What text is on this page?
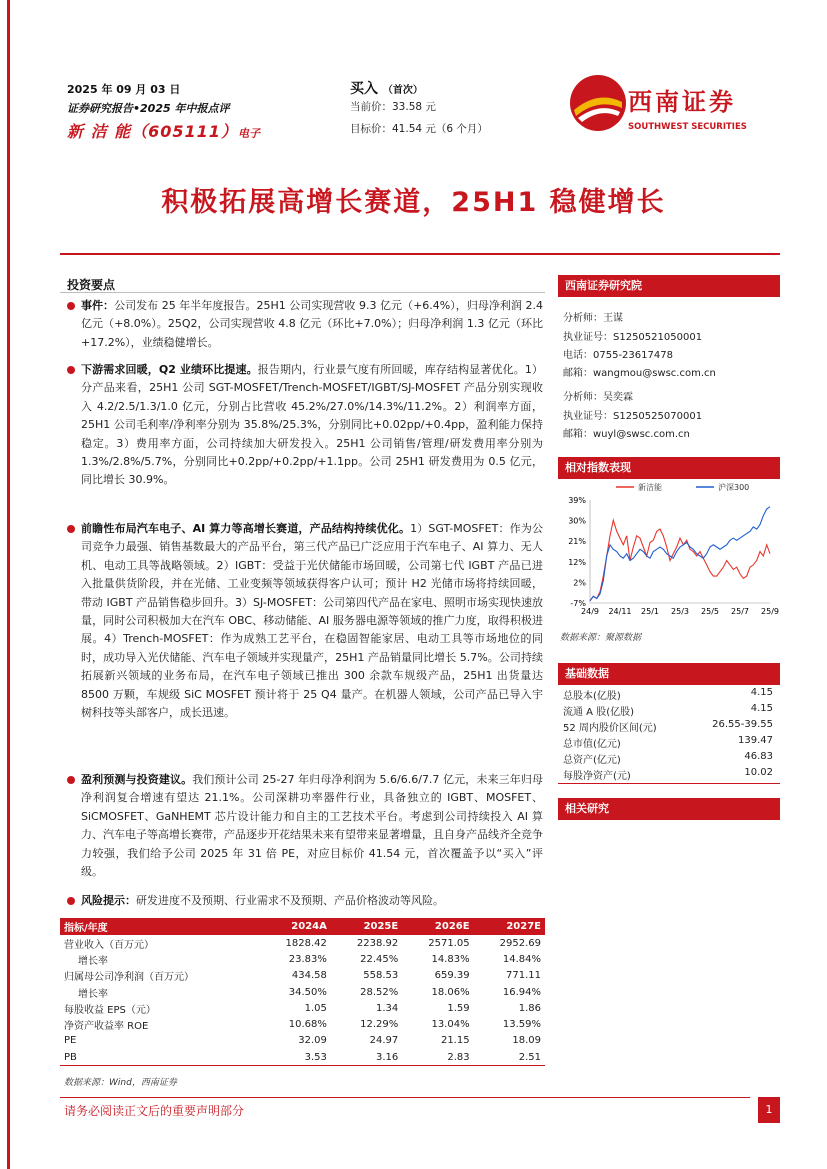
2025 年 09 月 03 日
证券研究报告•2025 年中报点评
新 洁 能（605111）电子
买入 （首次）
当前价：33.58 元
目标价：41.54 元（6 个月）
西南证券
SOUTHWEST SECURITIES
积极拓展高增长赛道，25H1 稳健增长
投资要点
事件：公司发布 25 年半年度报告。25H1 公司实现营收 9.3 亿元（+6.4%），归母净利润 2.4 亿元（+8.0%）。25Q2，公司实现营收 4.8 亿元（环比+7.0%）；归母净利润 1.3 亿元（环比+17.2%），业绩稳健增长。
下游需求回暖，Q2 业绩环比提速。报告期内，行业景气度有所回暖，库存结构显著优化。1）分产品来看，25H1 公司 SGT-MOSFET/Trench-MOSFET/IGBT/SJ-MOSFET 产品分别实现收入 4.2/2.5/1.3/1.0 亿元，分别占比营收 45.2%/27.0%/14.3%/11.2%。2）利润率方面，25H1 公司毛利率/净利率分别为 35.8%/25.3%，分别同比+0.02pp/+0.4pp，盈利能力保持稳定。3）费用率方面，公司持续加大研发投入。25H1 公司销售/管理/研发费用率分别为 1.3%/2.8%/5.7%，分别同比+0.2pp/+0.2pp/+1.1pp。公司 25H1 研发费用为 0.5 亿元，同比增长 30.9%。
前瞻性布局汽车电子、AI 算力等高增长赛道，产品结构持续优化。1）SGT-MOSFET：作为公司竞争力最强、销售基数最大的产品平台，第三代产品已广泛应用于汽车电子、AI 算力、无人机、电动工具等战略领域。2）IGBT：受益于光伏储能市场回暖，公司第七代 IGBT 产品已进入批量供货阶段，并在光储、工业变频等领域获得客户认可；预计 H2 光储市场将持续回暖，带动 IGBT 产品销售稳步回升。3）SJ-MOSFET：公司第四代产品在家电、照明市场实现快速放量，同时公司积极加大在汽车 OBC、移动储能、AI 服务器电源等领域的推广力度，取得积极进展。4）Trench-MOSFET：作为成熟工艺平台，在稳固智能家居、电动工具等市场地位的同时，成功导入光伏储能、汽车电子领域并实现量产，25H1 产品销量同比增长 5.7%。公司持续拓展新兴领域的业务布局，在汽车电子领域已推出 300 余款车规级产品，25H1 出货量达 8500 万颗，车规级 SiC MOSFET 预计将于 25 Q4 量产。在机器人领域，公司产品已导入宇树科技等头部客户，成长迅速。
盈利预测与投资建议。我们预计公司 25-27 年归母净利润为 5.6/6.6/7.7 亿元，未来三年归母净利润复合增速有望达 21.1%。公司深耕功率器件行业，具备独立的 IGBT、MOSFET、SiCMOSFET、GaNHEMT 芯片设计能力和自主的工艺技术平台。考虑到公司持续投入 AI 算力、汽车电子等高增长赛带，产品逐步开花结果未来有望带来显著增量，且自身产品线齐全竞争力较强，我们给予公司 2025 年 31 倍 PE，对应目标价 41.54 元，首次覆盖予以“买入”评级。
风险提示：研发进度不及预期、行业需求不及预期、产品价格波动等风险。
指标/年度	2024A	2025E	2026E	2027E
营业收入（百万元）	1828.42	2238.92	2571.05	2952.69
增长率	23.83%	22.45%	14.83%	14.84%
归属母公司净利润（百万元）	434.58	558.53	659.39	771.11
增长率	34.50%	28.52%	18.06%	16.94%
每股收益 EPS（元）	1.05	1.34	1.59	1.86
净资产收益率 ROE	10.68%	12.29%	13.04%	13.59%
PE	32.09	24.97	21.15	18.09
PB	3.53	3.16	2.83	2.51
数据来源：Wind，西南证券
西南证券研究院
分析师：王谋
执业证号：S1250521050001
电话：0755-23617478
邮箱：wangmou@swsc.com.cn
分析师：吴奕霖
执业证号：S1250525070001
邮箱：wuyl@swsc.com.cn
相对指数表现
39%
30%
21%
12%
2%
-7%
24/9 24/11 25/1 25/3 25/5 25/7 25/9
新洁能	沪深300
数据来源：聚源数据
基础数据
总股本(亿股)	4.15
流通 A 股(亿股)	4.15
52 周内股价区间(元)	26.55-39.55
总市值(亿元)	139.47
总资产(亿元)	46.83
每股净资产(元)	10.02
相关研究
请务必阅读正文后的重要声明部分	1
